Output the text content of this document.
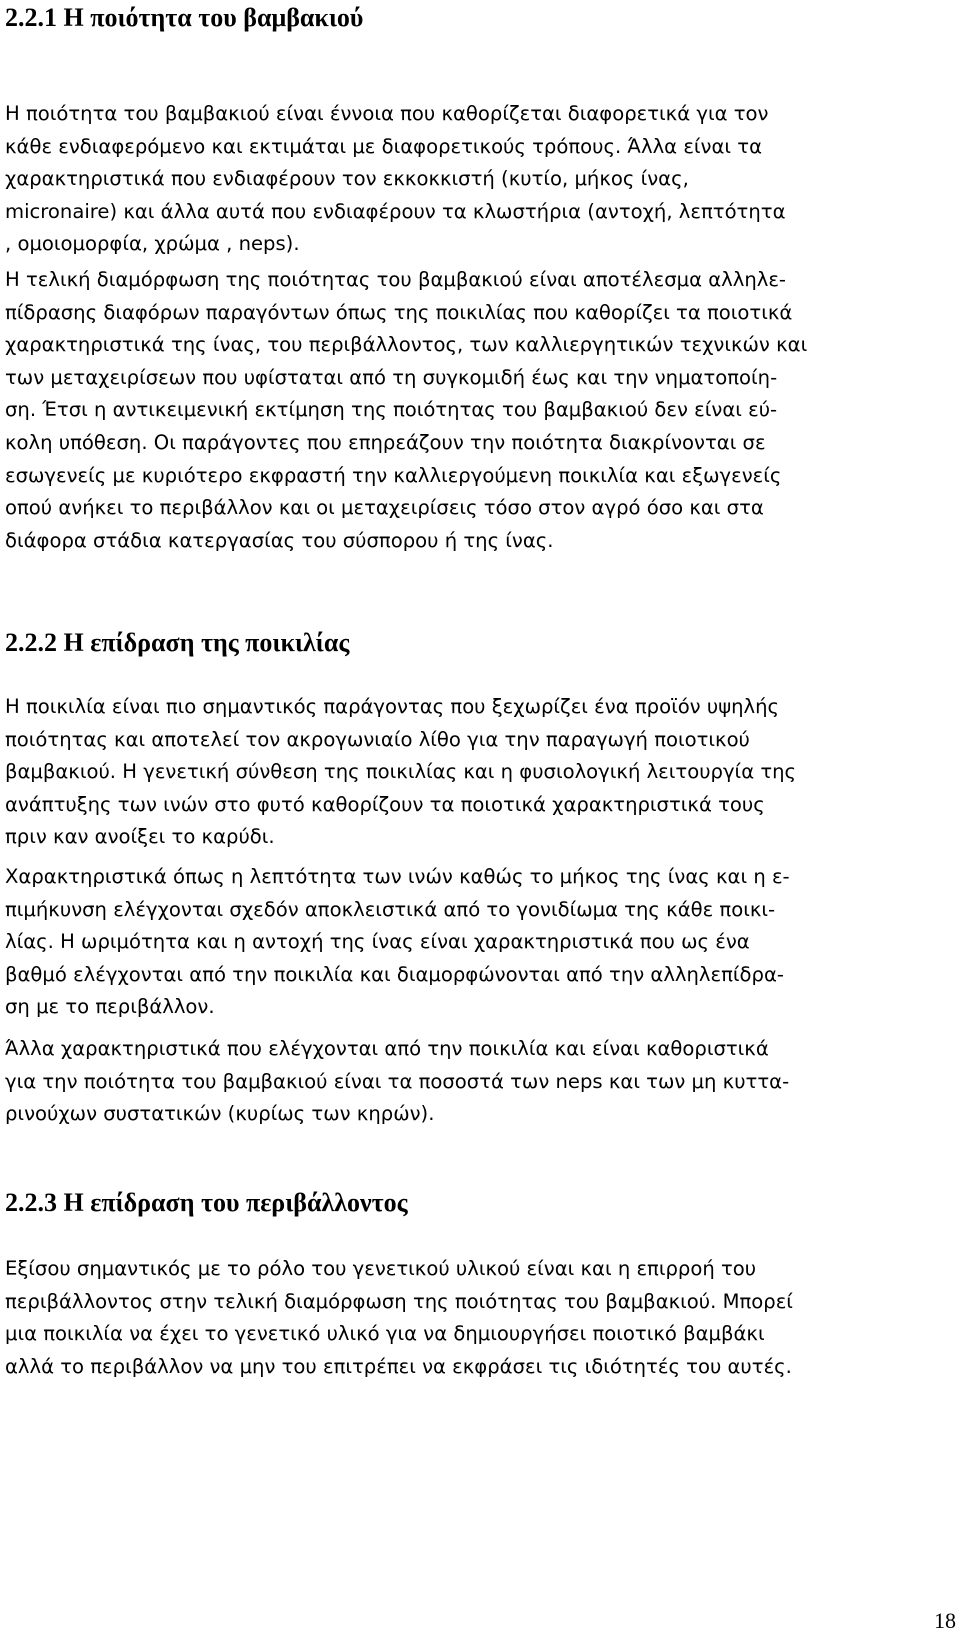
2.2.1 Η ποιότητα του βαμβακιού

Η ποιότητα του βαμβακιού είναι έννοια που καθορίζεται διαφορετικά για τον
κάθε ενδιαφερόμενο και εκτιμάται με διαφορετικούς τρόπους. Άλλα είναι τα
χαρακτηριστικά που ενδιαφέρουν τον εκκοκκιστή (κυτίο, μήκος ίνας,
micronaire) και άλλα αυτά που ενδιαφέρουν τα κλωστήρια (αντοχή, λεπτότητα
, ομοιομορφία, χρώμα , neps).

Η τελική διαμόρφωση της ποιότητας του βαμβακιού είναι αποτέλεσμα αλληλε-
πίδρασης διαφόρων παραγόντων όπως της ποικιλίας που καθορίζει τα ποιοτικά
χαρακτηριστικά της ίνας, του περιβάλλοντος, των καλλιεργητικών τεχνικών και
των μεταχειρίσεων που υφίσταται από τη συγκομιδή έως και την νηματοποίη-
ση. Έτσι η αντικειμενική εκτίμηση της ποιότητας του βαμβακιού δεν είναι εύ-
κολη υπόθεση. Οι παράγοντες που επηρεάζουν την ποιότητα διακρίνονται σε
εσωγενείς με κυριότερο εκφραστή την καλλιεργούμενη ποικιλία και εξωγενείς
οπού ανήκει το περιβάλλον και οι μεταχειρίσεις τόσο στον αγρό όσο και στα
διάφορα στάδια κατεργασίας του σύσπορου ή της ίνας.

2.2.2 Η επίδραση της ποικιλίας

Η ποικιλία είναι πιο σημαντικός παράγοντας που ξεχωρίζει ένα προϊόν υψηλής
ποιότητας και αποτελεί τον ακρογωνιαίο λίθο για την παραγωγή ποιοτικού
βαμβακιού. Η γενετική σύνθεση της ποικιλίας και η φυσιολογική λειτουργία της
ανάπτυξης των ινών στο φυτό καθορίζουν τα ποιοτικά χαρακτηριστικά τους
πριν καν ανοίξει το καρύδι.

Χαρακτηριστικά όπως η λεπτότητα των ινών καθώς το μήκος της ίνας και η ε-
πιμήκυνση ελέγχονται σχεδόν αποκλειστικά από το γονιδίωμα της κάθε ποικι-
λίας. Η ωριμότητα και η αντοχή της ίνας είναι χαρακτηριστικά που ως ένα
βαθμό ελέγχονται από την ποικιλία και διαμορφώνονται από την αλληλεπίδρα-
ση με το περιβάλλον.

Άλλα χαρακτηριστικά που ελέγχονται από την ποικιλία και είναι καθοριστικά
για την ποιότητα του βαμβακιού είναι τα ποσοστά των neps και των μη κυττα-
ρινούχων συστατικών (κυρίως των κηρών).

2.2.3 Η επίδραση του περιβάλλοντος

Εξίσου σημαντικός με το ρόλο του γενετικού υλικού είναι και η επιρροή του
περιβάλλοντος στην τελική διαμόρφωση της ποιότητας του βαμβακιού. Μπορεί
μια ποικιλία να έχει το γενετικό υλικό για να δημιουργήσει ποιοτικό βαμβάκι
αλλά το περιβάλλον να μην του επιτρέπει να εκφράσει τις ιδιότητές του αυτές.

18
